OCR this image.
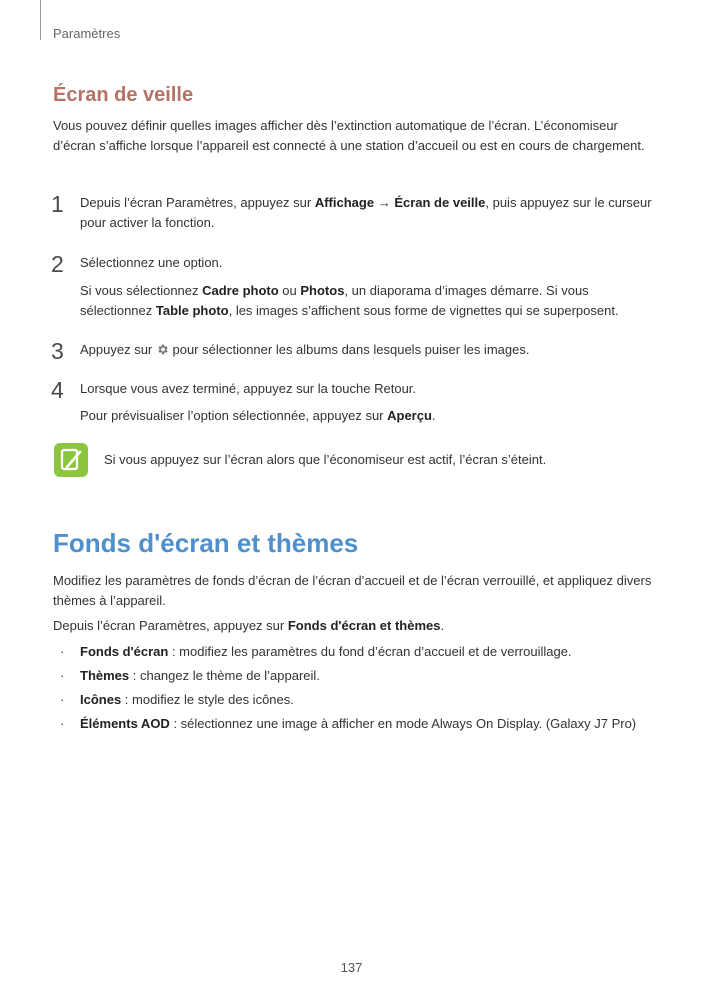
Paramètres
Écran de veille

Vous pouvez définir quelles images afficher dès l’extinction automatique de l’écran. L’économiseur d’écran s’affiche lorsque l’appareil est connecté à une station d’accueil ou est en cours de chargement.

1 Depuis l’écran Paramètres, appuyez sur Affichage → Écran de veille, puis appuyez sur le curseur pour activer la fonction.

2 Sélectionnez une option.

Si vous sélectionnez Cadre photo ou Photos, un diaporama d’images démarre. Si vous sélectionnez Table photo, les images s’affichent sous forme de vignettes qui se superposent.

3 Appuyez sur  pour sélectionner les albums dans lesquels puiser les images.

4 Lorsque vous avez terminé, appuyez sur la touche Retour.

Pour prévisualiser l’option sélectionnée, appuyez sur Aperçu.

Si vous appuyez sur l’écran alors que l’économiseur est actif, l’écran s’éteint.

Fonds d'écran et thèmes

Modifiez les paramètres de fonds d’écran de l’écran d’accueil et de l’écran verrouillé, et appliquez divers thèmes à l’appareil.

Depuis l’écran Paramètres, appuyez sur Fonds d'écran et thèmes.

· Fonds d'écran : modifiez les paramètres du fond d’écran d’accueil et de verrouillage.
· Thèmes : changez le thème de l’appareil.
· Icônes : modifiez le style des icônes.
· Éléments AOD : sélectionnez une image à afficher en mode Always On Display. (Galaxy J7 Pro)
137
